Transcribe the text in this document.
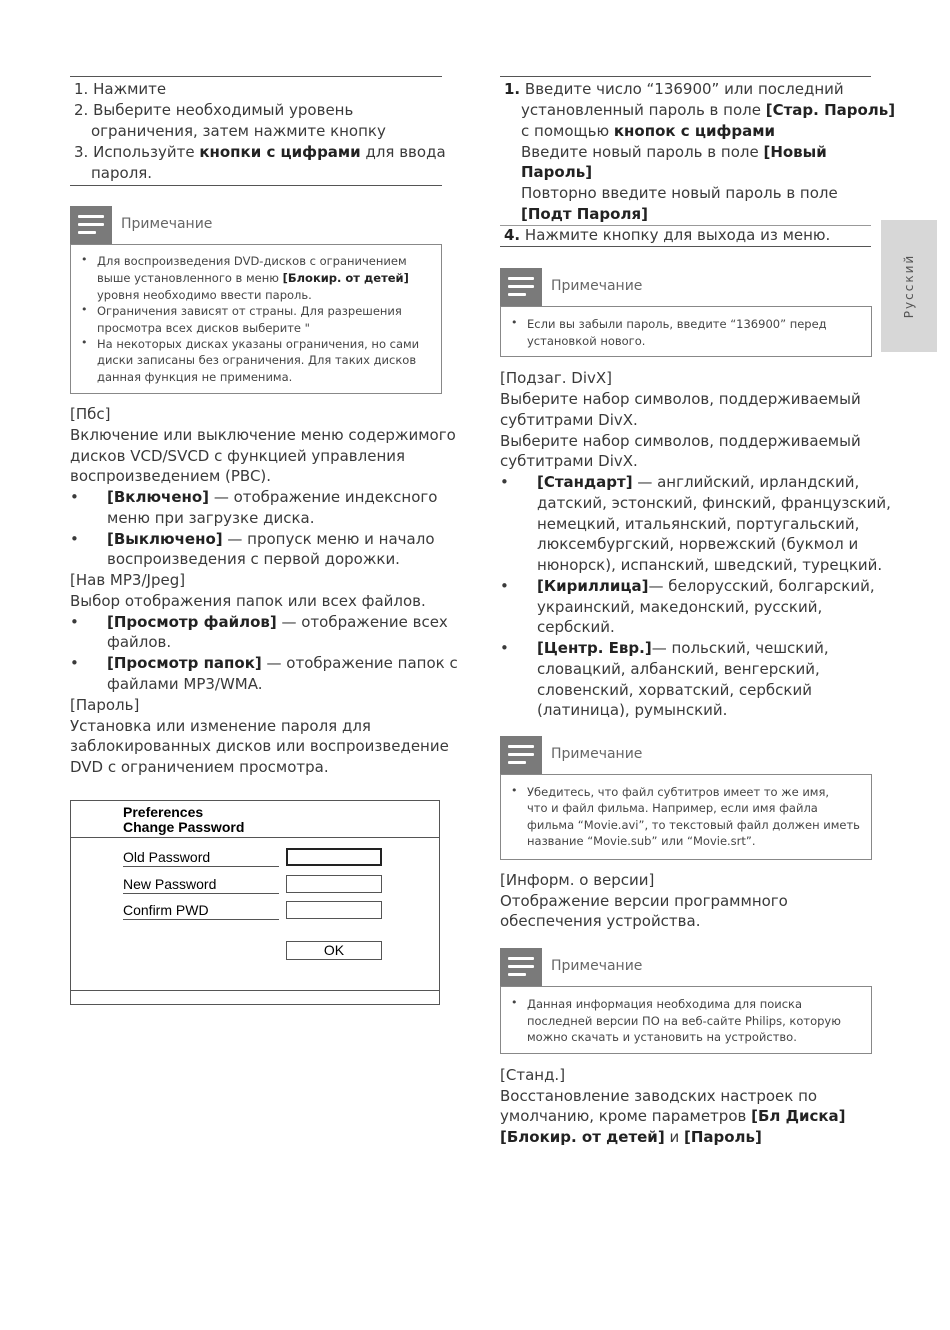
Русский
1. Нажмите
2. Выберите необходимый уровень
ограничения, затем нажмите кнопку
3. Используйте кнопки с цифрами для ввода
пароля.
Примечание
• Для воспроизведения DVD-дисков с ограничением
выше установленного в меню [Блокир. от детей]
уровня необходимо ввести пароль.
• Ограничения зависят от страны. Для разрешения
просмотра всех дисков выберите "
• На некоторых дисках указаны ограничения, но сами
диски записаны без ограничения. Для таких дисков
данная функция не применима.
[Пбс]
Включение или выключение меню содержимого
дисков VCD/SVCD с функцией управления
воспроизведением (PBC).
• [Включено] — отображение индексного
меню при загрузке диска.
• [Выключено] — пропуск меню и начало
воспроизведения с первой дорожки.
[Нав MP3/Jpeg]
Выбор отображения папок или всех файлов.
• [Просмотр файлов] — отображение всех
файлов.
• [Просмотр папок] — отображение папок с
файлами MP3/WMA.
[Пароль]
Установка или изменение пароля для
заблокированных дисков или воспроизведение
DVD с ограничением просмотра.
Preferences
Change Password
Old Password
New Password
Confirm PWD
OK
1. Введите число “136900” или последний
установленный пароль в поле [Стар. Пароль]
с помощью кнопок с цифрами
Введите новый пароль в поле [Новый
Пароль]
Повторно введите новый пароль в поле
[Подт Пароля]
4. Нажмите кнопку для выхода из меню.
Примечание
• Если вы забыли пароль, введите “136900” перед
установкой нового.
[Подзаг. DivX]
Выберите набор символов, поддерживаемый
субтитрами DivX.
Выберите набор символов, поддерживаемый
субтитрами DivX.
• [Стандарт] — английский, ирландский,
датский, эстонский, финский, французский,
немецкий, итальянский, португальский,
люксембургский, норвежский (букмол и
нюнорск), испанский, шведский, турецкий.
• [Кириллица]— белорусский, болгарский,
украинский, македонский, русский,
сербский.
• [Центр. Евр.]— польский, чешский,
словацкий, албанский, венгерский,
словенский, хорватский, сербский
(латиница), румынский.
Примечание
• Убедитесь, что файл субтитров имеет то же имя,
что и файл фильма. Например, если имя файла
фильма “Movie.avi”, то текстовый файл должен иметь
название “Movie.sub” или “Movie.srt”.
[Информ. о версии]
Отображение версии программного
обеспечения устройства.
Примечание
• Данная информация необходима для поиска
последней версии ПО на веб-сайте Philips, которую
можно скачать и установить на устройство.
[Станд.]
Восстановление заводских настроек по
умолчанию, кроме параметров [Бл Диска]
[Блокир. от детей] и [Пароль]
